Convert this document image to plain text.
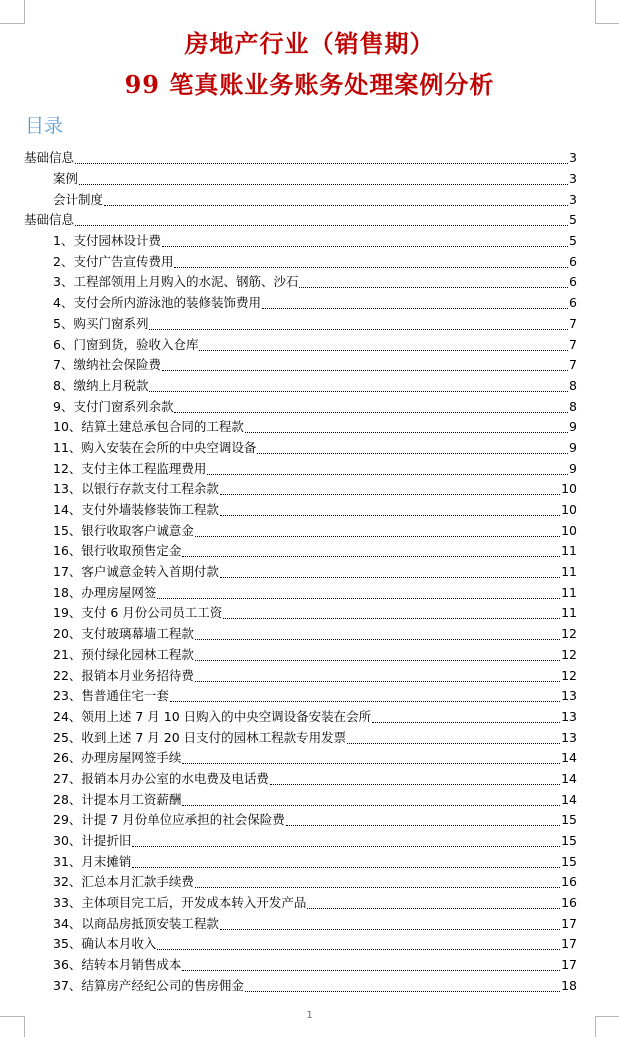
房地产行业（销售期）
99 笔真账业务账务处理案例分析
目录
基础信息	3
案例	3
会计制度	3
基础信息	5
1、支付园林设计费	5
2、支付广告宣传费用	6
3、工程部领用上月购入的水泥、钢筋、沙石	6
4、支付会所内游泳池的装修装饰费用	6
5、购买门窗系列	7
6、门窗到货，验收入仓库	7
7、缴纳社会保险费	7
8、缴纳上月税款	8
9、支付门窗系列余款	8
10、结算土建总承包合同的工程款	9
11、购入安装在会所的中央空调设备	9
12、支付主体工程监理费用	9
13、以银行存款支付工程余款	10
14、支付外墙装修装饰工程款	10
15、银行收取客户诚意金	10
16、银行收取预售定金	11
17、客户诚意金转入首期付款	11
18、办理房屋网签	11
19、支付 6 月份公司员工工资	11
20、支付玻璃幕墙工程款	12
21、预付绿化园林工程款	12
22、报销本月业务招待费	12
23、售普通住宅一套	13
24、领用上述 7 月 10 日购入的中央空调设备安装在会所	13
25、收到上述 7 月 20 日支付的园林工程款专用发票	13
26、办理房屋网签手续	14
27、报销本月办公室的水电费及电话费	14
28、计提本月工资薪酬	14
29、计提 7 月份单位应承担的社会保险费	15
30、计提折旧	15
31、月末摊销	15
32、汇总本月汇款手续费	16
33、主体项目完工后，开发成本转入开发产品	16
34、以商品房抵顶安装工程款	17
35、确认本月收入	17
36、结转本月销售成本	17
37、结算房产经纪公司的售房佣金	18
1
